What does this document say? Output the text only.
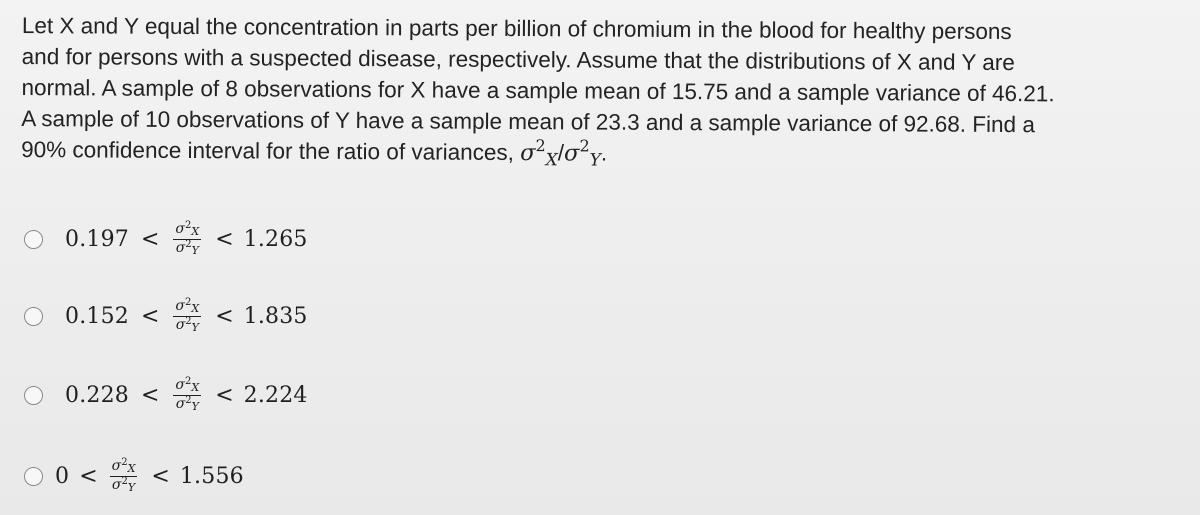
Let X and Y equal the concentration in parts per billion of chromium in the blood for healthy persons
and for persons with a suspected disease, respectively. Assume that the distributions of X and Y are
normal. A sample of 8 observations for X have a sample mean of 15.75 and a sample variance of 46.21.
A sample of 10 observations of Y have a sample mean of 23.3 and a sample variance of 92.68. Find a
90% confidence interval for the ratio of variances, $\sigma^2_X/\sigma^2_Y$.
$0.197 < \frac{\sigma^2X}{\sigma^2Y} < 1.265$
$0.152 < \frac{\sigma^2X}{\sigma^2Y} < 1.835$
$0.228 < \frac{\sigma^2X}{\sigma^2Y} < 2.224$
$0 < \frac{\sigma^2X}{\sigma^2Y} < 1.556$
